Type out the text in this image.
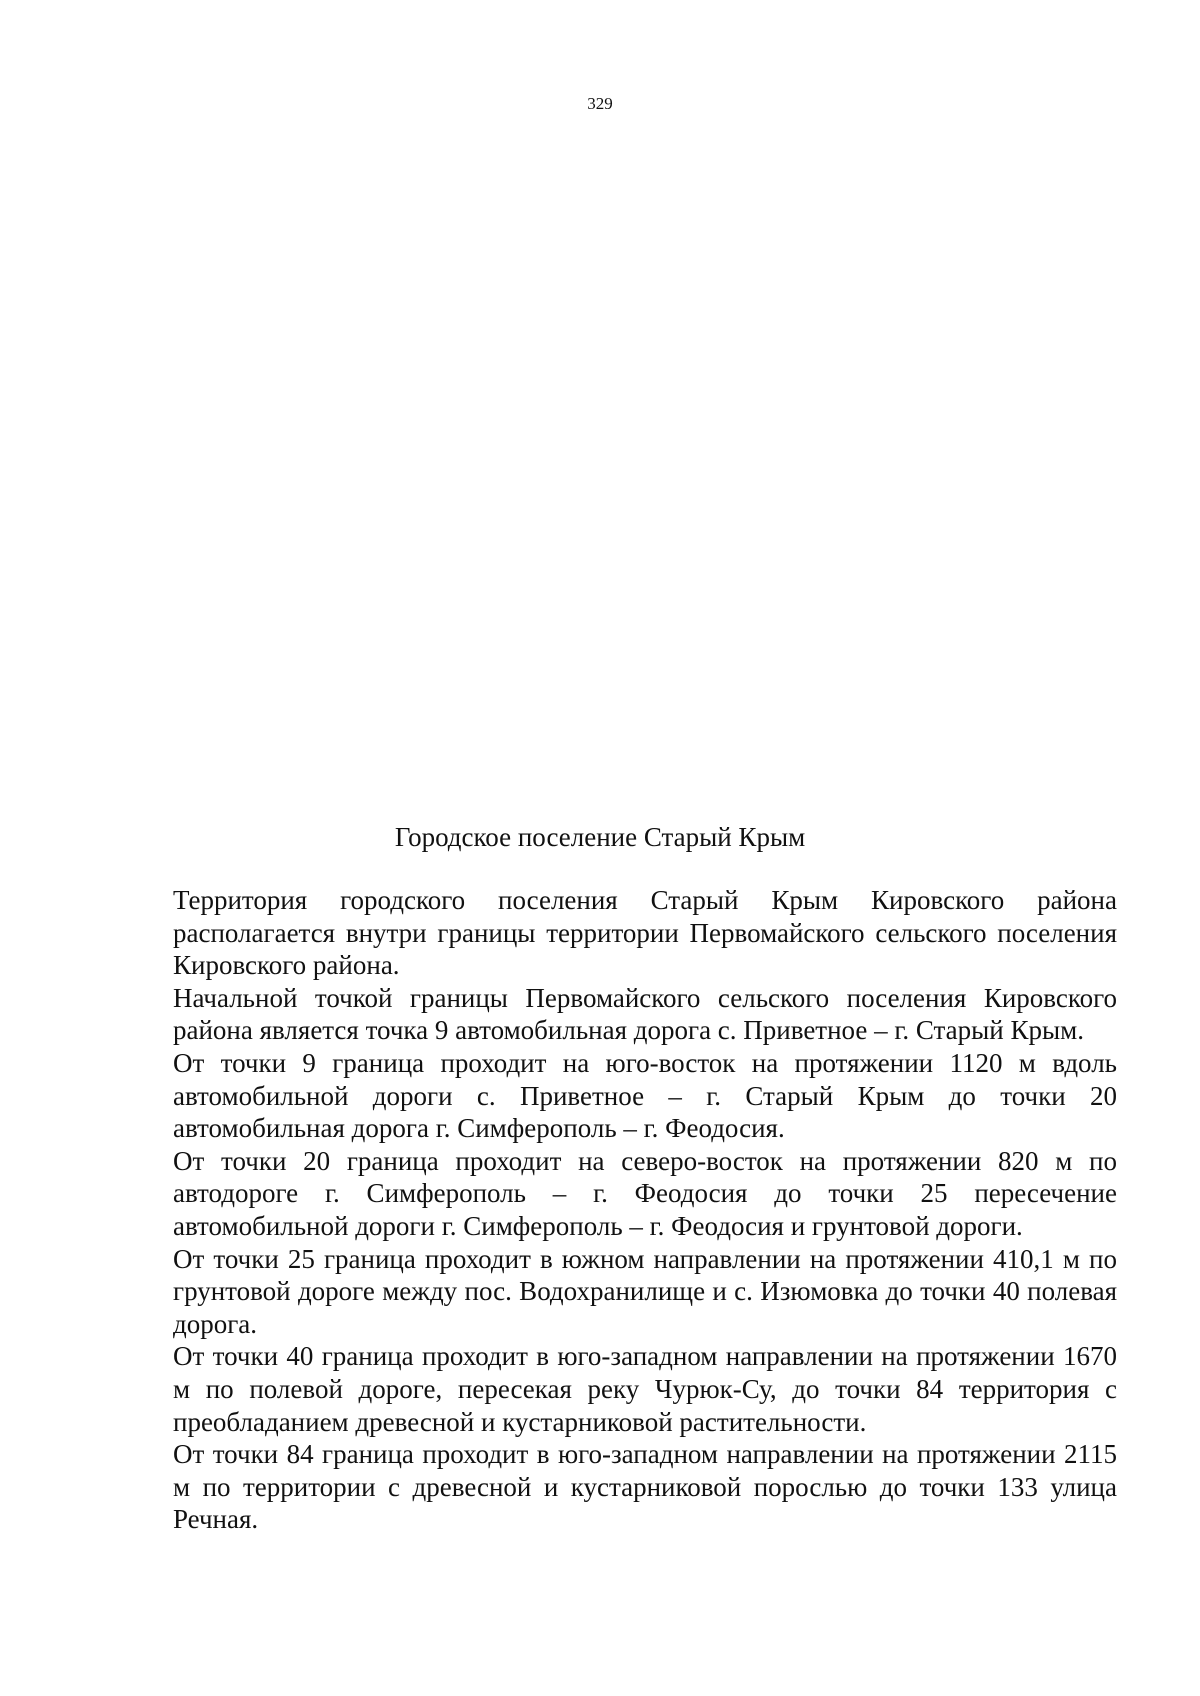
329
Городское поселение Старый Крым

Территория городского поселения Старый Крым Кировского района располагается внутри границы территории Первомайского сельского поселения Кировского района.

Начальной точкой границы Первомайского сельского поселения Кировского района является точка 9 автомобильная дорога с. Приветное – г. Старый Крым.

От точки 9 граница проходит на юго-восток на протяжении 1120 м вдоль автомобильной дороги с. Приветное – г. Старый Крым до точки 20 автомобильная дорога г. Симферополь – г. Феодосия.

От точки 20 граница проходит на северо-восток на протяжении 820 м по автодороге г. Симферополь – г. Феодосия до точки 25 пересечение автомобильной дороги г. Симферополь – г. Феодосия и грунтовой дороги.

От точки 25 граница проходит в южном направлении на протяжении 410,1 м по грунтовой дороге между пос. Водохранилище и с. Изюмовка до точки 40 полевая дорога.

От точки 40 граница проходит в юго-западном направлении на протяжении 1670 м по полевой дороге, пересекая реку Чурюк-Су, до точки 84 территория с преобладанием древесной и кустарниковой растительности.

От точки 84 граница проходит в юго-западном направлении на протяжении 2115 м по территории с древесной и кустарниковой порослью до точки 133 улица Речная.
